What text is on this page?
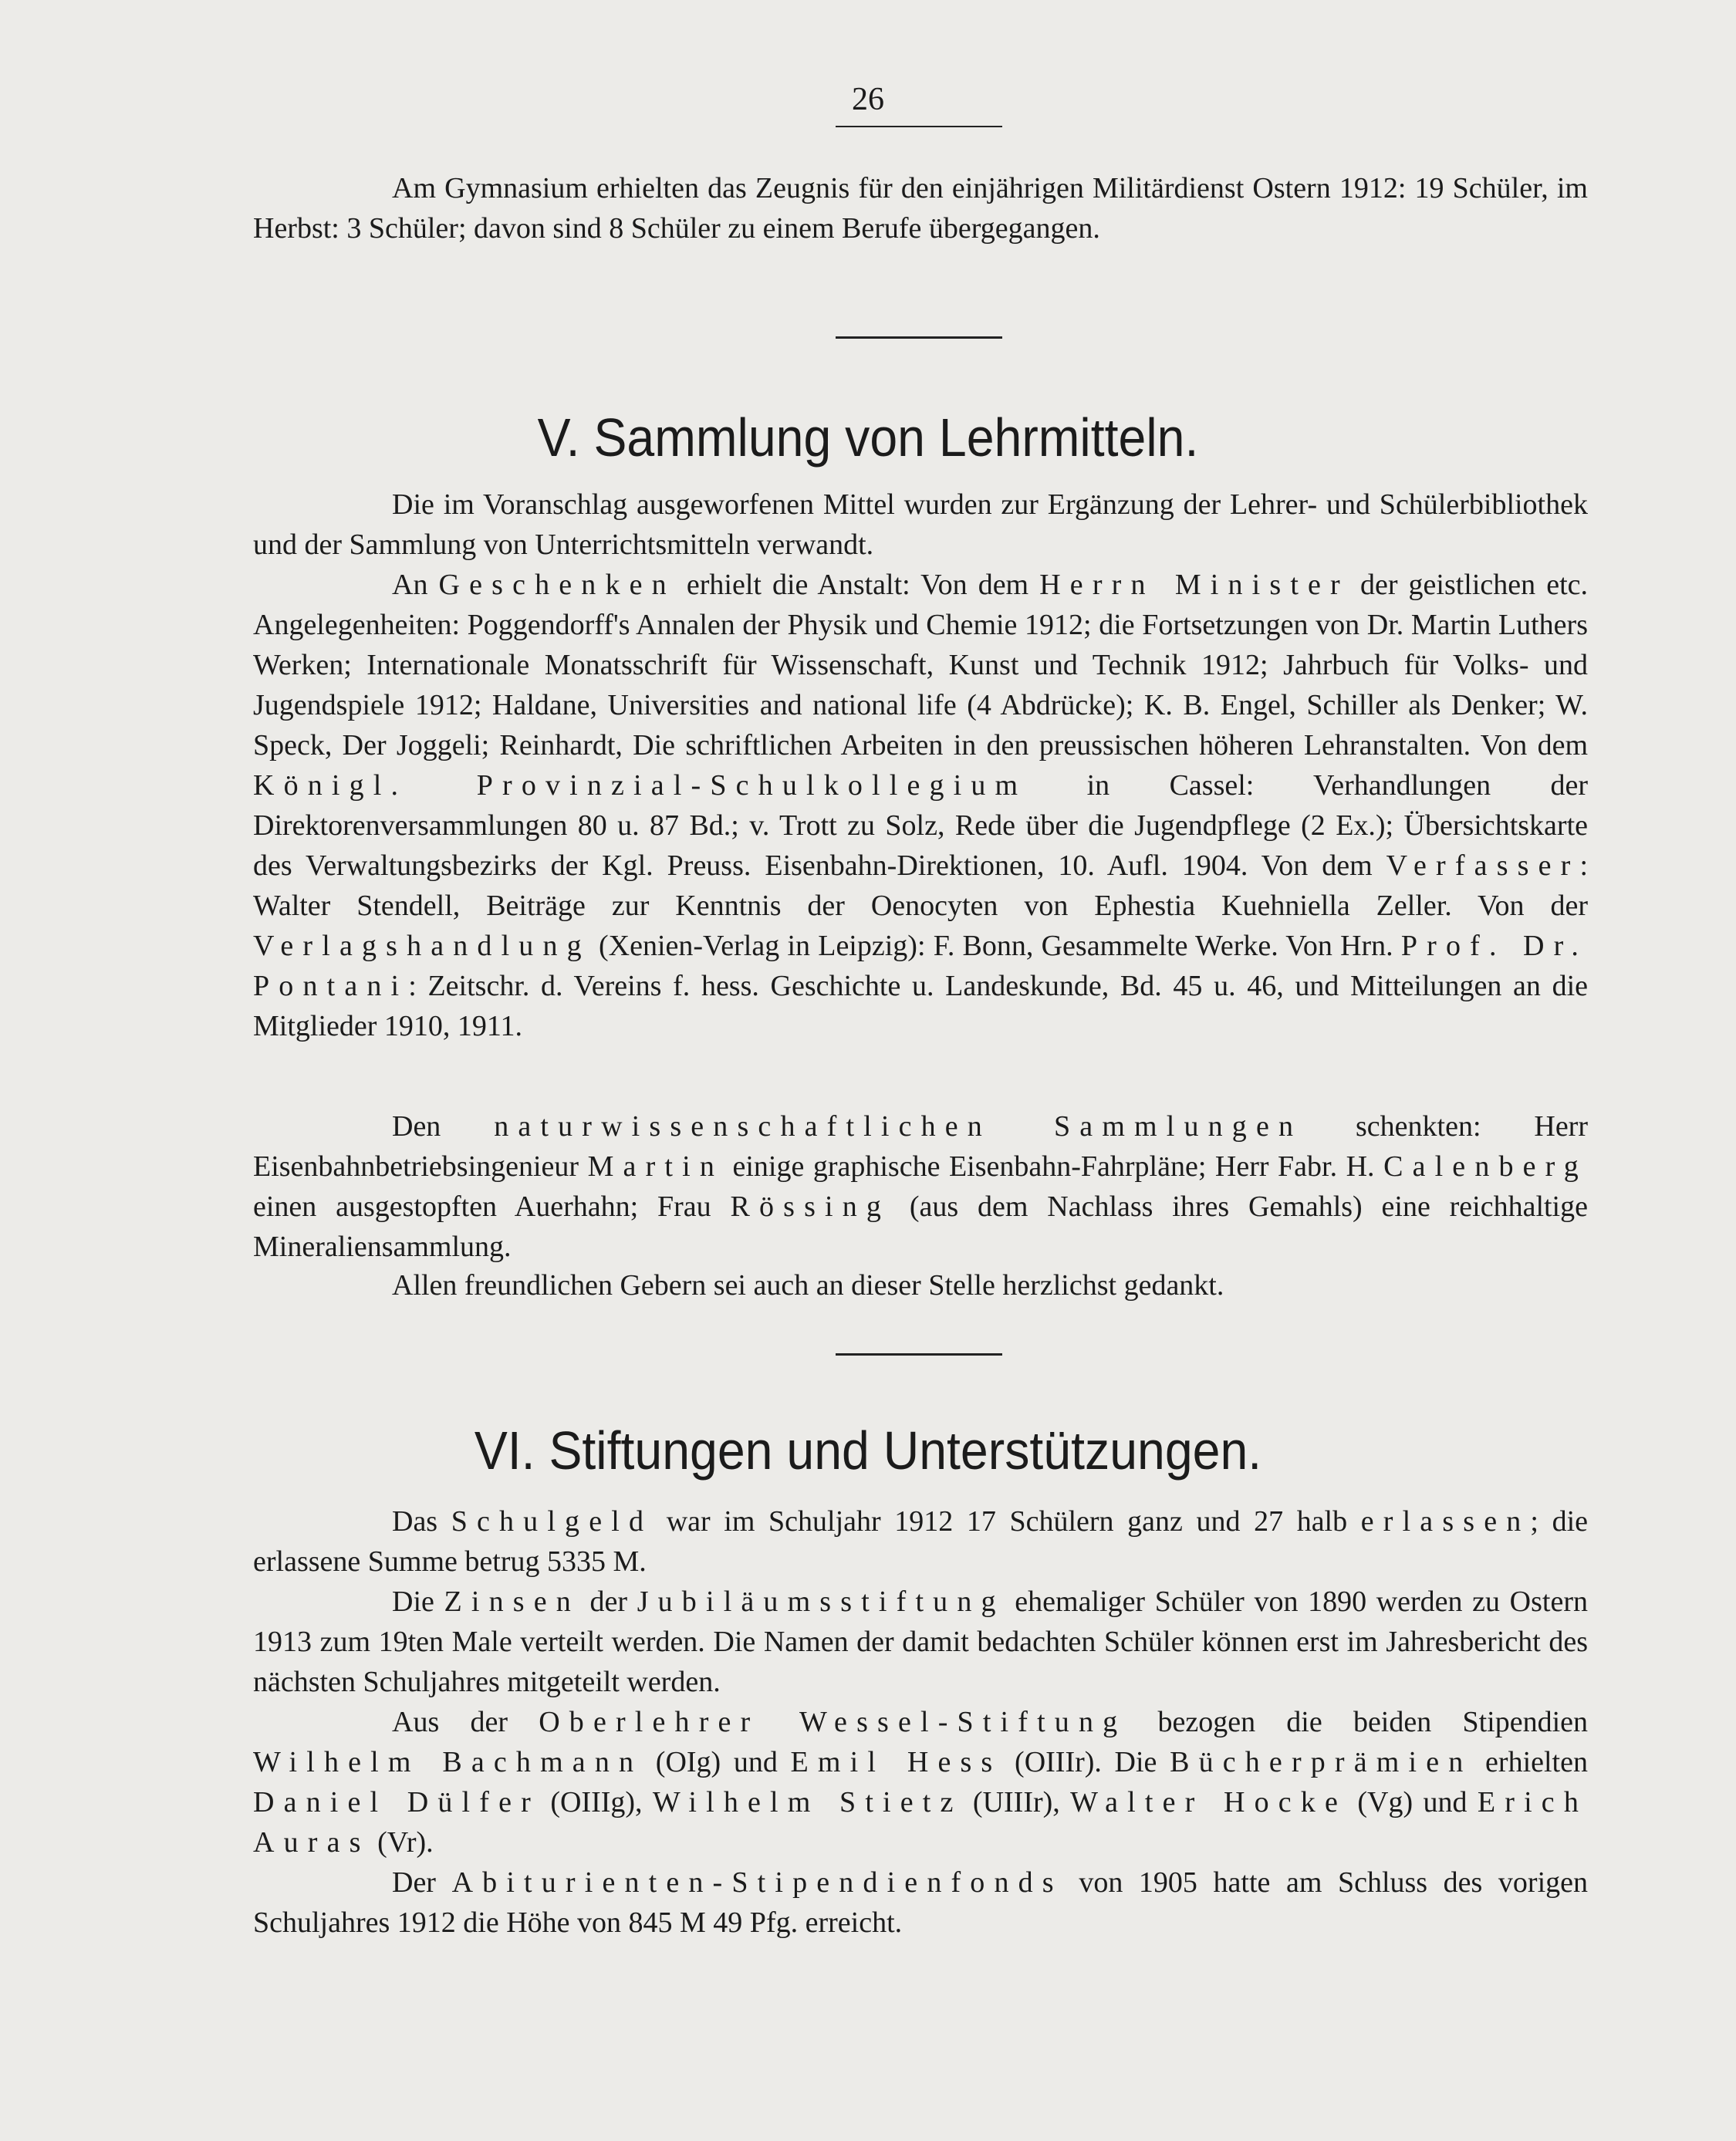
26

Am Gymnasium erhielten das Zeugnis für den einjährigen Militärdienst Ostern 1912: 19 Schüler, im Herbst: 3 Schüler; davon sind 8 Schüler zu einem Berufe übergegangen.

V. Sammlung von Lehrmitteln.

Die im Voranschlag ausgeworfenen Mittel wurden zur Ergänzung der Lehrer- und Schülerbibliothek und der Sammlung von Unterrichtsmitteln verwandt.

An Geschenken erhielt die Anstalt: Von dem Herrn Minister der geistlichen etc. Angelegenheiten: Poggendorff's Annalen der Physik und Chemie 1912; die Fortsetzungen von Dr. Martin Luthers Werken; Internationale Monatsschrift für Wissenschaft, Kunst und Technik 1912; Jahrbuch für Volks- und Jugendspiele 1912; Haldane, Universities and national life (4 Abdrücke); K. B. Engel, Schiller als Denker; W. Speck, Der Joggeli; Reinhardt, Die schriftlichen Arbeiten in den preussischen höheren Lehranstalten. Von dem Königl. Provinzial-Schulkollegium in Cassel: Verhandlungen der Direktorenversammlungen 80 u. 87 Bd.; v. Trott zu Solz, Rede über die Jugendpflege (2 Ex.); Übersichtskarte des Verwaltungsbezirks der Kgl. Preuss. Eisenbahn-Direktionen, 10. Aufl. 1904. Von dem Verfasser: Walter Stendell, Beiträge zur Kenntnis der Oenocyten von Ephestia Kuehniella Zeller. Von der Verlagshandlung (Xenien-Verlag in Leipzig): F. Bonn, Gesammelte Werke. Von Hrn. Prof. Dr. Pontani: Zeitschr. d. Vereins f. hess. Geschichte u. Landeskunde, Bd. 45 u. 46, und Mitteilungen an die Mitglieder 1910, 1911.

Den naturwissenschaftlichen Sammlungen schenkten: Herr Eisenbahnbetriebsingenieur Martin einige graphische Eisenbahn-Fahrpläne; Herr Fabr. H. Calenberg einen ausgestopften Auerhahn; Frau Rössing (aus dem Nachlass ihres Gemahls) eine reichhaltige Mineraliensammlung.

Allen freundlichen Gebern sei auch an dieser Stelle herzlichst gedankt.

VI. Stiftungen und Unterstützungen.

Das Schulgeld war im Schuljahr 1912 17 Schülern ganz und 27 halb erlassen; die erlassene Summe betrug 5335 M.

Die Zinsen der Jubiläumsstiftung ehemaliger Schüler von 1890 werden zu Ostern 1913 zum 19ten Male verteilt werden. Die Namen der damit bedachten Schüler können erst im Jahresbericht des nächsten Schuljahres mitgeteilt werden.

Aus der Oberlehrer Wessel-Stiftung bezogen die beiden Stipendien Wilhelm Bachmann (OIg) und Emil Hess (OIIIr). Die Bücherprämien erhielten Daniel Dülfer (OIIIg), Wilhelm Stietz (UIIIr), Walter Hocke (Vg) und Erich Auras (Vr).

Der Abiturienten-Stipendienfonds von 1905 hatte am Schluss des vorigen Schuljahres 1912 die Höhe von 845 M 49 Pfg. erreicht.
